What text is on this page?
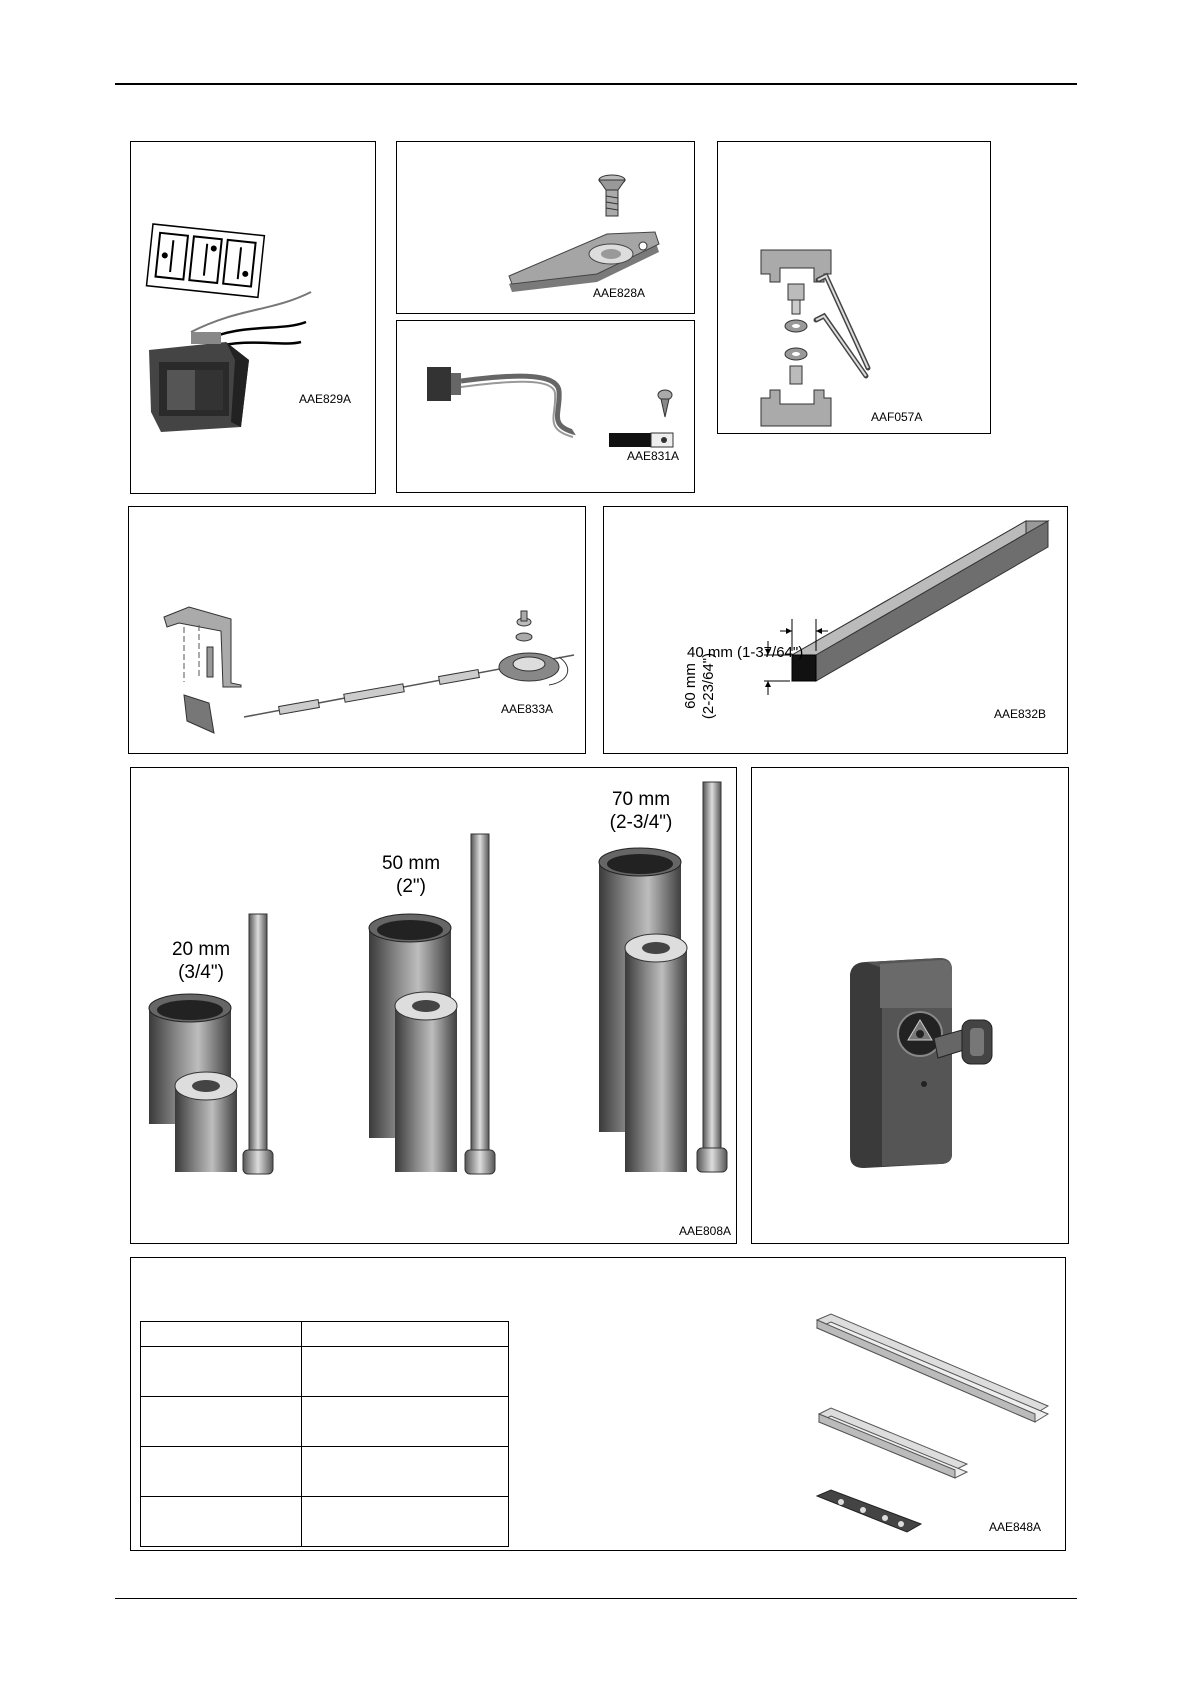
AAE829A
AAE828A
AAE831A
AAF057A
AAE833A
40 mm (1-37/64")
60 mm (2-23/64")	AAE832B
20 mm
(3/4")
50 mm
(2")
70 mm
(2-3/4")
AAE808A
AAE848A
